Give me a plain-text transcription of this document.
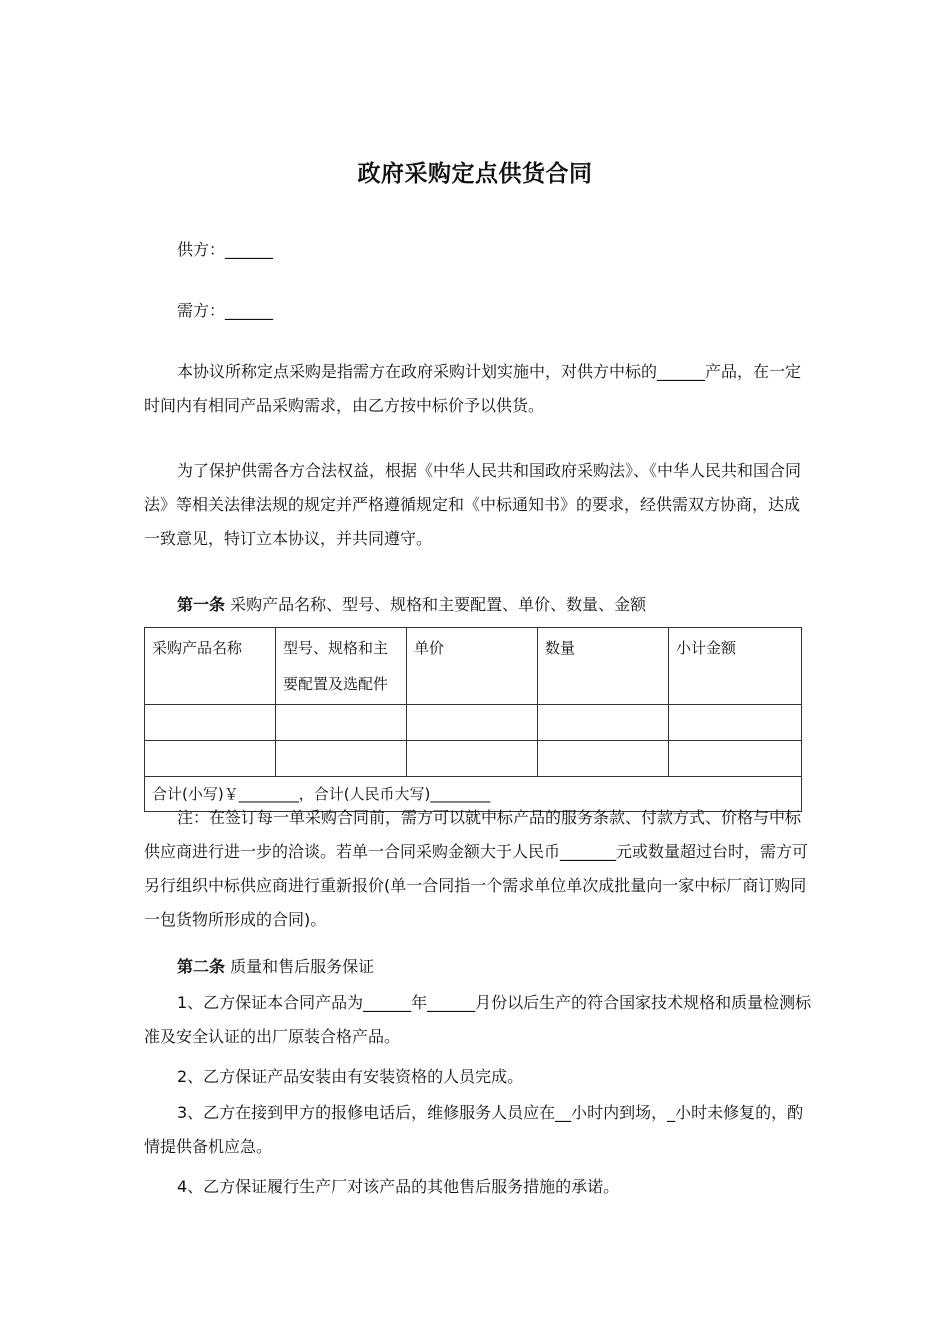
政府采购定点供货合同

供方：______

需方：______

本协议所称定点采购是指需方在政府采购计划实施中，对供方中标的______产品，在一定时间内有相同产品采购需求，由乙方按中标价予以供货。

为了保护供需各方合法权益，根据《中华人民共和国政府采购法》、《中华人民共和国合同法》等相关法律法规的规定并严格遵循规定和《中标通知书》的要求，经供需双方协商，达成一致意见，特订立本协议，并共同遵守。

第一条 采购产品名称、型号、规格和主要配置、单价、数量、金额

采购产品名称	型号、规格和主要配置及选配件	单价	数量	小计金额

合计(小写)￥________，合计(人民币大写)________				

注：在签订每一单采购合同前，需方可以就中标产品的服务条款、付款方式、价格与中标供应商进行进一步的洽谈。若单一合同采购金额大于人民币_______元或数量超过台时，需方可另行组织中标供应商进行重新报价(单一合同指一个需求单位单次成批量向一家中标厂商订购同一包货物所形成的合同)。

第二条 质量和售后服务保证

1、乙方保证本合同产品为______年______月份以后生产的符合国家技术规格和质量检测标准及安全认证的出厂原装合格产品。

2、乙方保证产品安装由有安装资格的人员完成。

3、乙方在接到甲方的报修电话后，维修服务人员应在__小时内到场，_小时未修复的，酌情提供备机应急。

4、乙方保证履行生产厂对该产品的其他售后服务措施的承诺。
